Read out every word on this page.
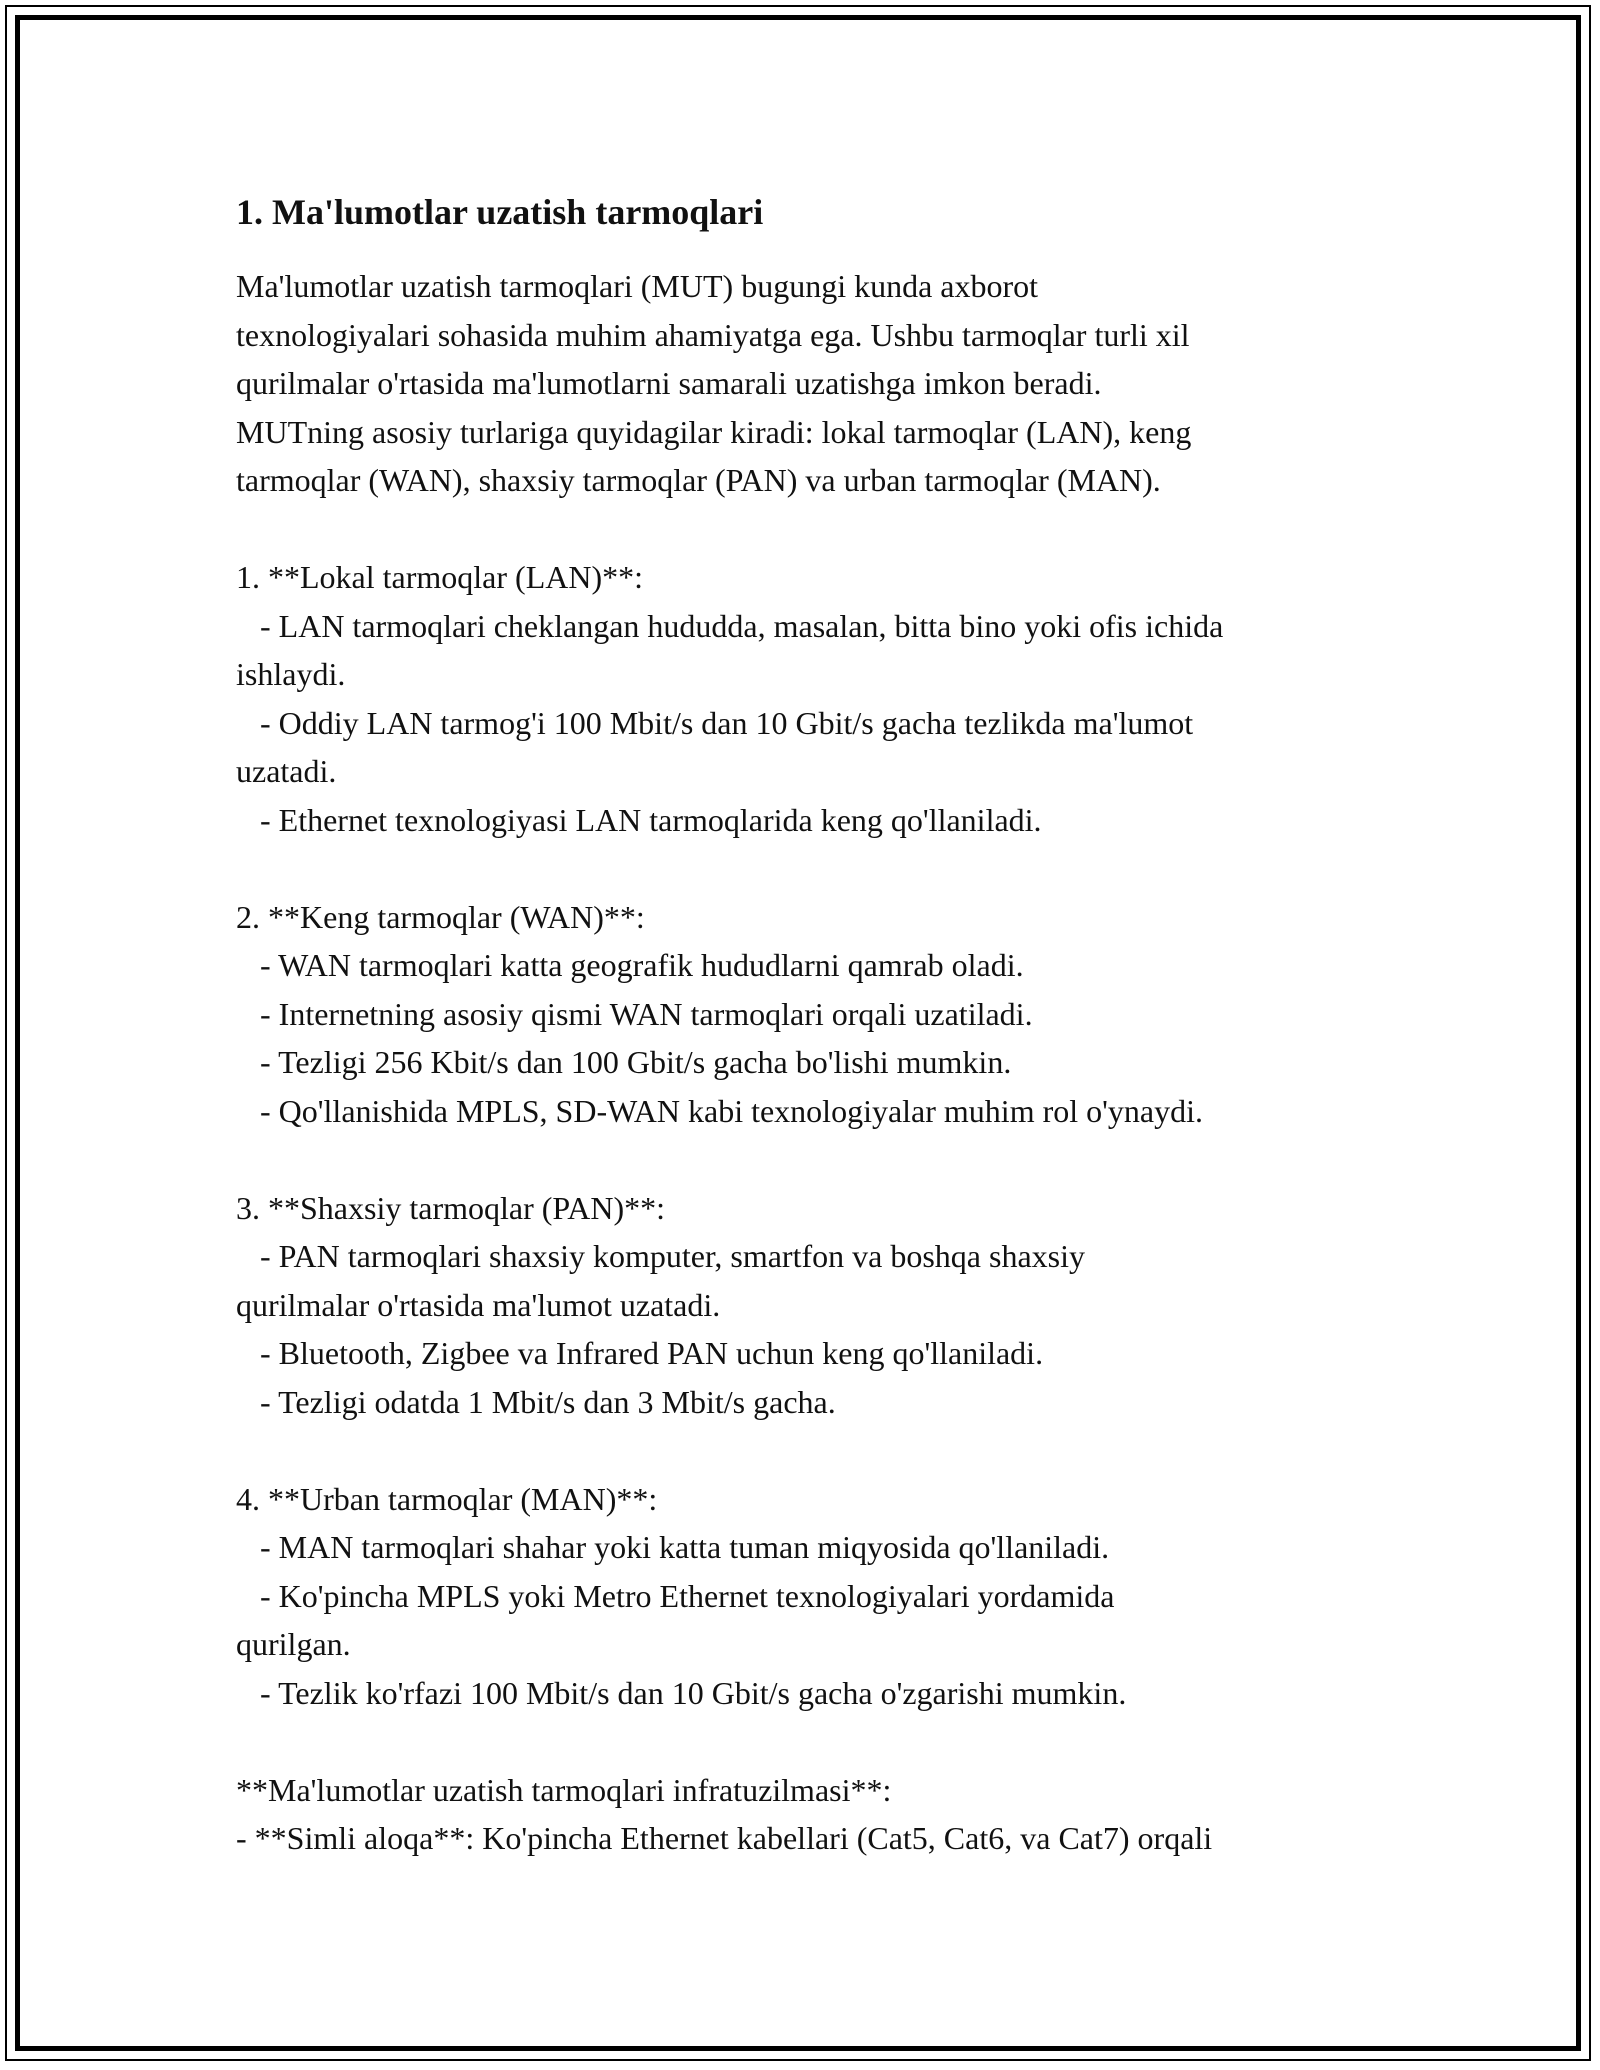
1. Ma'lumotlar uzatish tarmoqlari
Ma'lumotlar uzatish tarmoqlari (MUT) bugungi kunda axborot
texnologiyalari sohasida muhim ahamiyatga ega. Ushbu tarmoqlar turli xil
qurilmalar o'rtasida ma'lumotlarni samarali uzatishga imkon beradi.
MUTning asosiy turlariga quyidagilar kiradi: lokal tarmoqlar (LAN), keng
tarmoqlar (WAN), shaxsiy tarmoqlar (PAN) va urban tarmoqlar (MAN).
1. **Lokal tarmoqlar (LAN)**:
- LAN tarmoqlari cheklangan hududda, masalan, bitta bino yoki ofis ichida
ishlaydi.
- Oddiy LAN tarmog'i 100 Mbit/s dan 10 Gbit/s gacha tezlikda ma'lumot
uzatadi.
- Ethernet texnologiyasi LAN tarmoqlarida keng qo'llaniladi.
2. **Keng tarmoqlar (WAN)**:
- WAN tarmoqlari katta geografik hududlarni qamrab oladi.
- Internetning asosiy qismi WAN tarmoqlari orqali uzatiladi.
- Tezligi 256 Kbit/s dan 100 Gbit/s gacha bo'lishi mumkin.
- Qo'llanishida MPLS, SD-WAN kabi texnologiyalar muhim rol o'ynaydi.
3. **Shaxsiy tarmoqlar (PAN)**:
- PAN tarmoqlari shaxsiy komputer, smartfon va boshqa shaxsiy
qurilmalar o'rtasida ma'lumot uzatadi.
- Bluetooth, Zigbee va Infrared PAN uchun keng qo'llaniladi.
- Tezligi odatda 1 Mbit/s dan 3 Mbit/s gacha.
4. **Urban tarmoqlar (MAN)**:
- MAN tarmoqlari shahar yoki katta tuman miqyosida qo'llaniladi.
- Ko'pincha MPLS yoki Metro Ethernet texnologiyalari yordamida
qurilgan.
- Tezlik ko'rfazi 100 Mbit/s dan 10 Gbit/s gacha o'zgarishi mumkin.
**Ma'lumotlar uzatish tarmoqlari infratuzilmasi**:
- **Simli aloqa**: Ko'pincha Ethernet kabellari (Cat5, Cat6, va Cat7) orqali
